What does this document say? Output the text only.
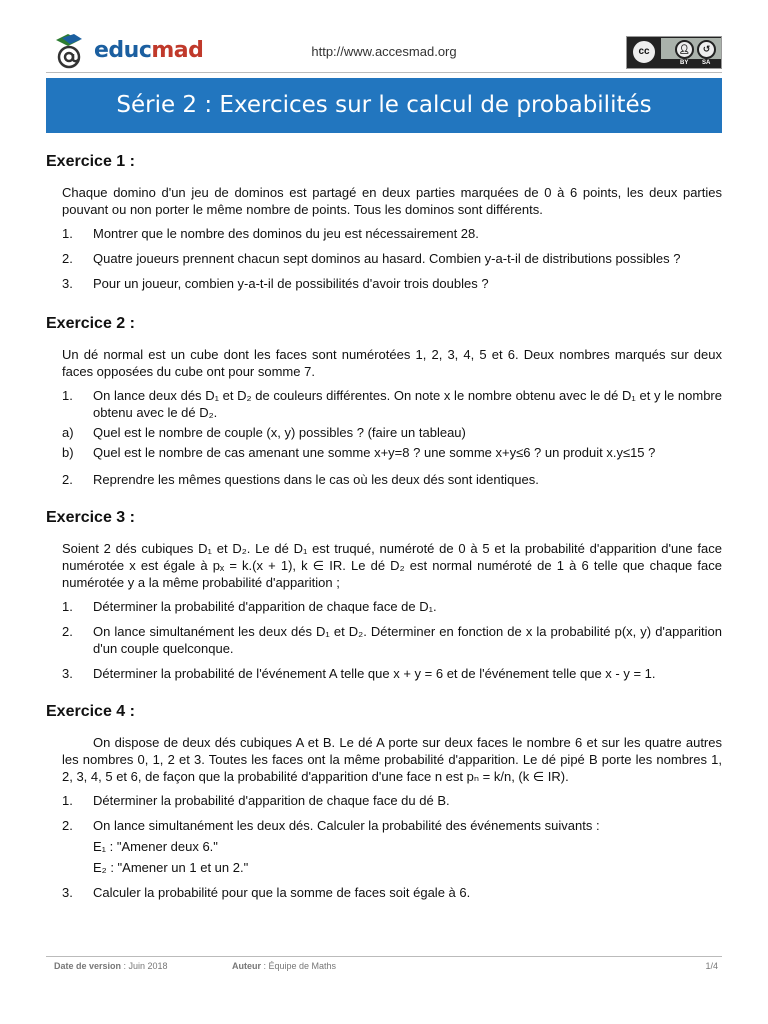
educmad	http://www.accesmad.org	cc	👤︎	↺
BY SA
Série 2 : Exercices sur le calcul de probabilités
Exercice 1 :

Chaque domino d'un jeu de dominos est partagé en deux parties marquées de 0 à 6 points, les deux parties pouvant ou non porter le même nombre de points. Tous les dominos sont différents.

1.	Montrer que le nombre des dominos du jeu est nécessairement 28.
2.	Quatre joueurs prennent chacun sept dominos au hasard. Combien y-a-t-il de distributions possibles ?
3.	Pour un joueur, combien y-a-t-il de possibilités d'avoir trois doubles ?
Exercice 2 :

Un dé normal est un cube dont les faces sont numérotées 1, 2, 3, 4, 5 et 6. Deux nombres marqués sur deux faces opposées du cube ont pour somme 7.

1.	On lance deux dés D₁ et D₂ de couleurs différentes. On note x le nombre obtenu avec le dé D₁ et y le nombre obtenu avec le dé D₂.
a)	Quel est le nombre de couple (x, y) possibles ? (faire un tableau)
b)	Quel est le nombre de cas amenant une somme x+y=8 ? une somme x+y≤6 ? un produit x.y≤15 ?
2.	Reprendre les mêmes questions dans le cas où les deux dés sont identiques.
Exercice 3 :

Soient 2 dés cubiques D₁ et D₂. Le dé D₁ est truqué, numéroté de 0 à 5 et la probabilité d'apparition d'une face numérotée x est égale à pₓ = k.(x + 1), k ∈ IR. Le dé D₂ est normal numéroté de 1 à 6 telle que chaque face numérotée y a la même probabilité d'apparition ;

1.	Déterminer la probabilité d'apparition de chaque face de D₁.
2.	On lance simultanément les deux dés D₁ et D₂. Déterminer en fonction de x la probabilité p(x, y) d'apparition d'un couple quelconque.
3.	Déterminer la probabilité de l'événement A telle que x + y = 6 et de l'événement telle que x - y = 1.
Exercice 4 :

On dispose de deux dés cubiques A et B. Le dé A porte sur deux faces le nombre 6 et sur les quatre autres les nombres 0, 1, 2 et 3. Toutes les faces ont la même probabilité d'apparition. Le dé pipé B porte les nombres 1, 2, 3, 4, 5 et 6, de façon que la probabilité d'apparition d'une face n est pₙ = k/n, (k ∈ IR).

1.	Déterminer la probabilité d'apparition de chaque face du dé B.
2.	On lance simultanément les deux dés. Calculer la probabilité des événements suivants :
E₁ : "Amener deux 6."
E₂ : "Amener un 1 et un 2."
3.	Calculer la probabilité pour que la somme de faces soit égale à 6.
Date de version : Juin 2018	Auteur : Équipe de Maths	1/4
